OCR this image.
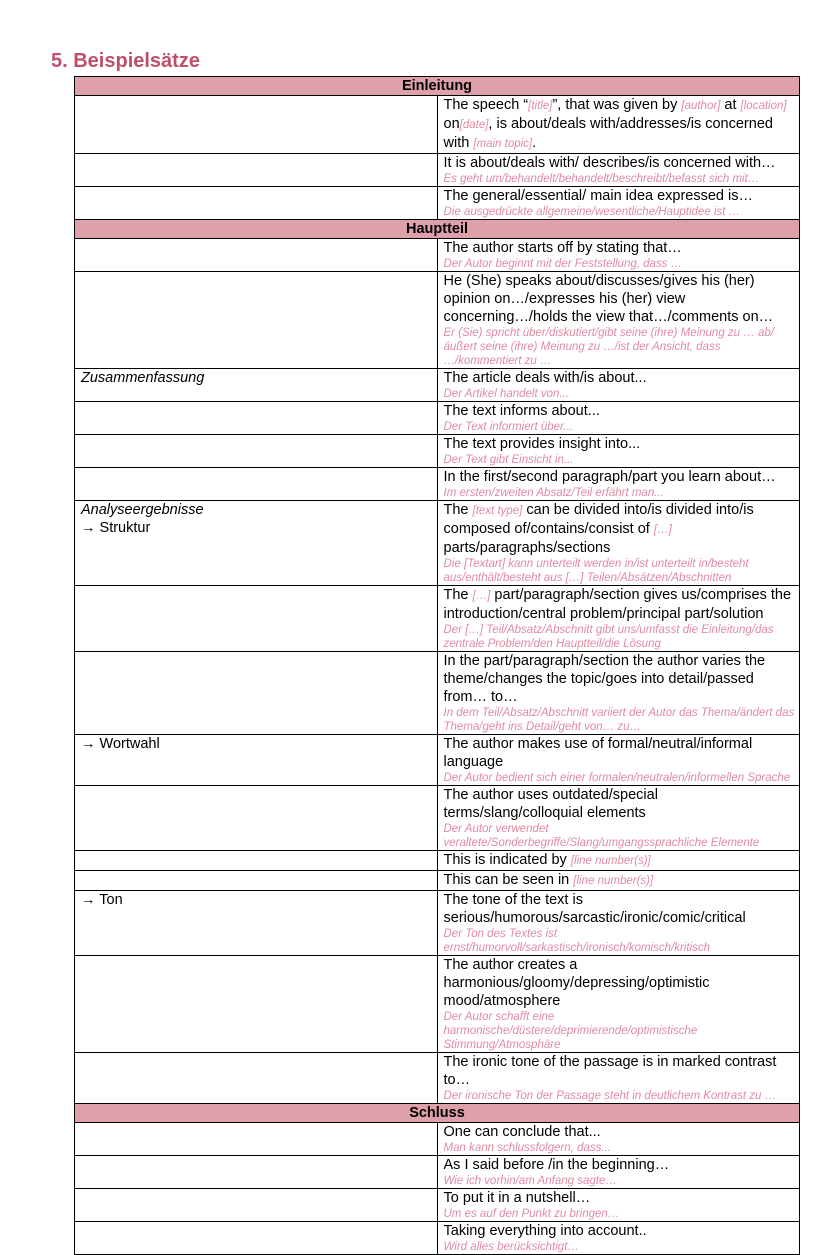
5. Beispielsätze
Einleitung	

	The speech “[title]”, that was given by [author] at [location] on[date], is about/deals with/addresses/is concerned with [main topic].

	It is about/deals with/ describes/is concerned with…
Es geht um/behandelt/behandelt/beschreibt/befasst sich mit…

	The general/essential/ main idea expressed is…
Die ausgedrückte allgemeine/wesentliche/Hauptidee ist …

Hauptteil	

	The author starts off by stating that…
Der Autor beginnt mit der Feststellung, dass …

	He (She) speaks about/discusses/gives his (her) opinion on…/expresses his (her) view concerning…/holds the view that…/comments on…
Er (Sie) spricht über/diskutiert/gibt seine (ihre) Meinung zu … ab/äußert seine (ihre) Meinung zu …/ist der Ansicht, dass …/kommentiert zu …

Zusammenfassung	The article deals with/is about...
Der Artikel handelt von...

	The text informs about...
Der Text informiert über...

	The text provides insight into...
Der Text gibt Einsicht in...

	In the first/second paragraph/part you learn about…
Im ersten/zweiten Absatz/Teil erfährt man...

Analyseergebnisse
→ Struktur	The [text type] can be divided into/is divided into/is composed of/contains/consist of […] parts/paragraphs/sections
Die [Textart] kann unterteilt werden in/ist unterteilt in/besteht aus/enthält/besteht aus […] Teilen/Absätzen/Abschnitten

	The […] part/paragraph/section gives us/comprises the introduction/central problem/principal part/solution
Der […] Teil/Absatz/Abschnitt gibt uns/umfasst die Einleitung/das zentrale Problem/den Hauptteil/die Lösung

	In the part/paragraph/section the author varies the theme/changes the topic/goes into detail/passed from… to…
In dem Teil/Absatz/Abschnitt variiert der Autor das Thema/ändert das Thema/geht ins Detail/geht von… zu…

→ Wortwahl	The author makes use of formal/neutral/informal language
Der Autor bedient sich einer formalen/neutralen/informellen Sprache

	The author uses outdated/special terms/slang/colloquial elements
Der Autor verwendet veraltete/Sonderbegriffe/Slang/umgangssprachliche Elemente

	This is indicated by [line number(s)]

	This can be seen in [line number(s)]

→ Ton	The tone of the text is serious/humorous/sarcastic/ironic/comic/critical
Der Ton des Textes ist ernst/humorvoll/sarkastisch/ironisch/komisch/kritisch

	The author creates a harmonious/gloomy/depressing/optimistic mood/atmosphere
Der Autor schafft eine harmonische/düstere/deprimierende/optimistische Stimmung/Atmosphäre

	The ironic tone of the passage is in marked contrast to…
Der ironische Ton der Passage steht in deutlichem Kontrast zu …

Schluss	

	One can conclude that...
Man kann schlussfolgern, dass...

	As I said before /in the beginning…
Wie ich vorhin/am Anfang sagte…

	To put it in a nutshell…
Um es auf den Punkt zu bringen…

	Taking everything into account..
Wird alles berücksichtigt…
